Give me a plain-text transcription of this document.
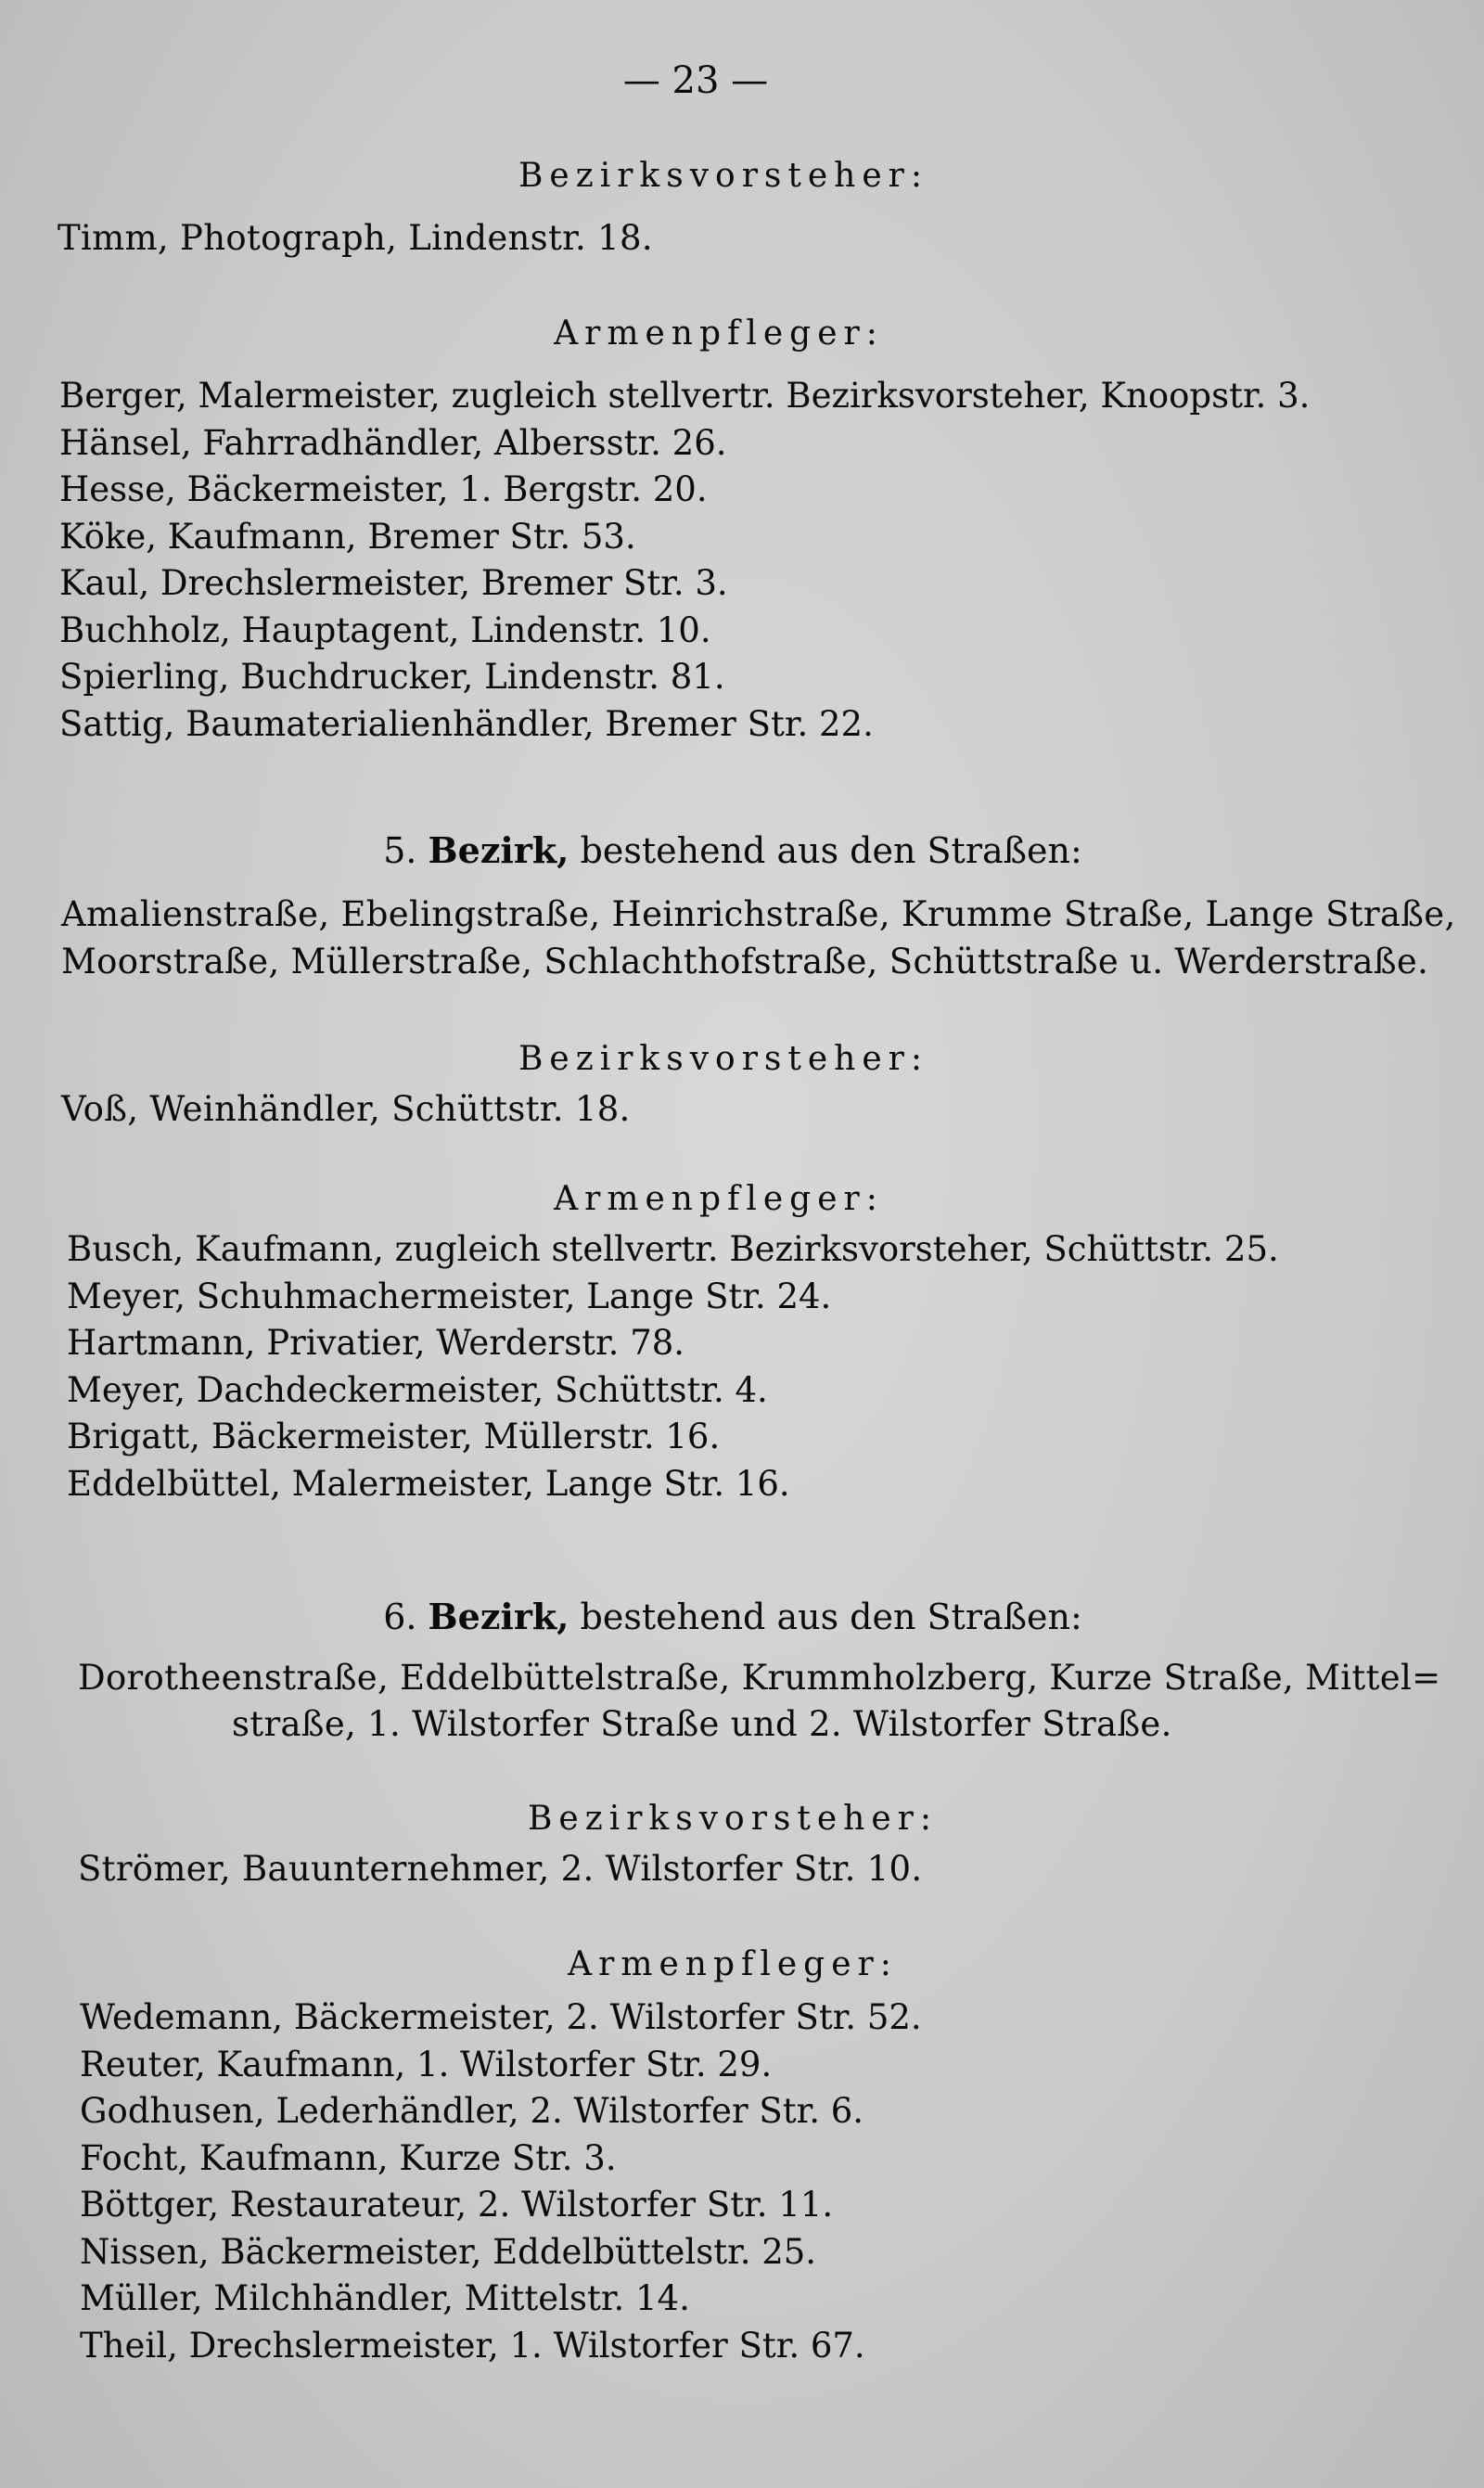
— 23 —
Bezirksvorsteher:
Timm, Photograph, Lindenstr. 18.
Armenpfleger:
Berger, Malermeister, zugleich stellvertr. Bezirksvorsteher, Knoopstr. 3.
Hänsel, Fahrradhändler, Albersstr. 26.
Hesse, Bäckermeister, 1. Bergstr. 20.
Köke, Kaufmann, Bremer Str. 53.
Kaul, Drechslermeister, Bremer Str. 3.
Buchholz, Hauptagent, Lindenstr. 10.
Spierling, Buchdrucker, Lindenstr. 81.
Sattig, Baumaterialienhändler, Bremer Str. 22.
5. Bezirk, bestehend aus den Straßen:
Amalienstraße, Ebelingstraße, Heinrichstraße, Krumme Straße, Lange Straße,
Moorstraße, Müllerstraße, Schlachthofstraße, Schüttstraße u. Werderstraße.
Bezirksvorsteher:
Voß, Weinhändler, Schüttstr. 18.
Armenpfleger:
Busch, Kaufmann, zugleich stellvertr. Bezirksvorsteher, Schüttstr. 25.
Meyer, Schuhmachermeister, Lange Str. 24.
Hartmann, Privatier, Werderstr. 78.
Meyer, Dachdeckermeister, Schüttstr. 4.
Brigatt, Bäckermeister, Müllerstr. 16.
Eddelbüttel, Malermeister, Lange Str. 16.
6. Bezirk, bestehend aus den Straßen:
Dorotheenstraße, Eddelbüttelstraße, Krummholzberg, Kurze Straße, Mittel=
straße, 1. Wilstorfer Straße und 2. Wilstorfer Straße.
Bezirksvorsteher:
Strömer, Bauunternehmer, 2. Wilstorfer Str. 10.
Armenpfleger:
Wedemann, Bäckermeister, 2. Wilstorfer Str. 52.
Reuter, Kaufmann, 1. Wilstorfer Str. 29.
Godhusen, Lederhändler, 2. Wilstorfer Str. 6.
Focht, Kaufmann, Kurze Str. 3.
Böttger, Restaurateur, 2. Wilstorfer Str. 11.
Nissen, Bäckermeister, Eddelbüttelstr. 25.
Müller, Milchhändler, Mittelstr. 14.
Theil, Drechslermeister, 1. Wilstorfer Str. 67.
